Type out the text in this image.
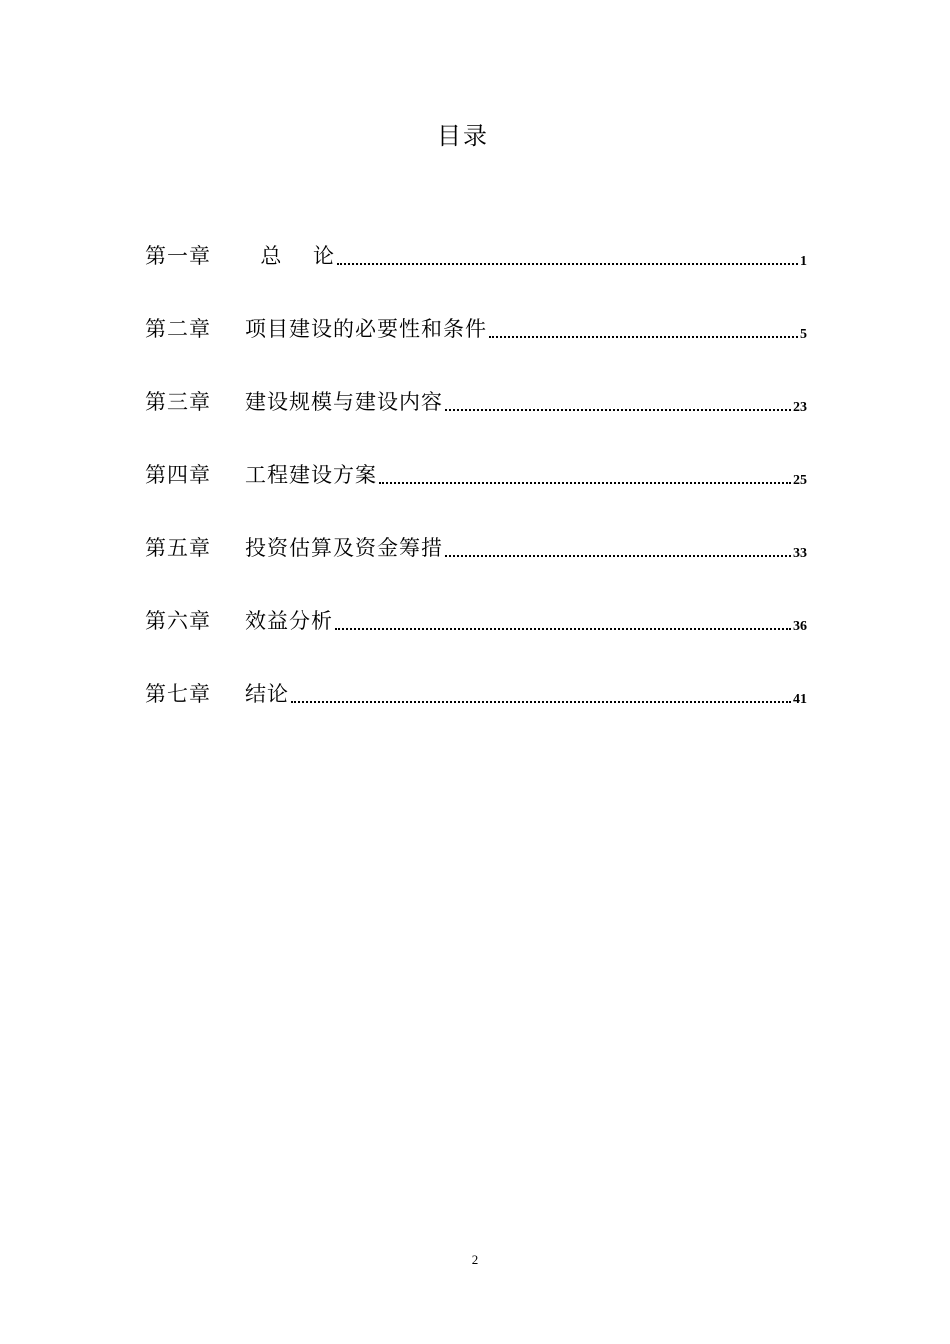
目录
第一章	总    论	1
第二章	项目建设的必要性和条件	5
第三章	建设规模与建设内容	23
第四章	工程建设方案	25
第五章	投资估算及资金筹措	33
第六章	效益分析	36
第七章	结论	41
2
